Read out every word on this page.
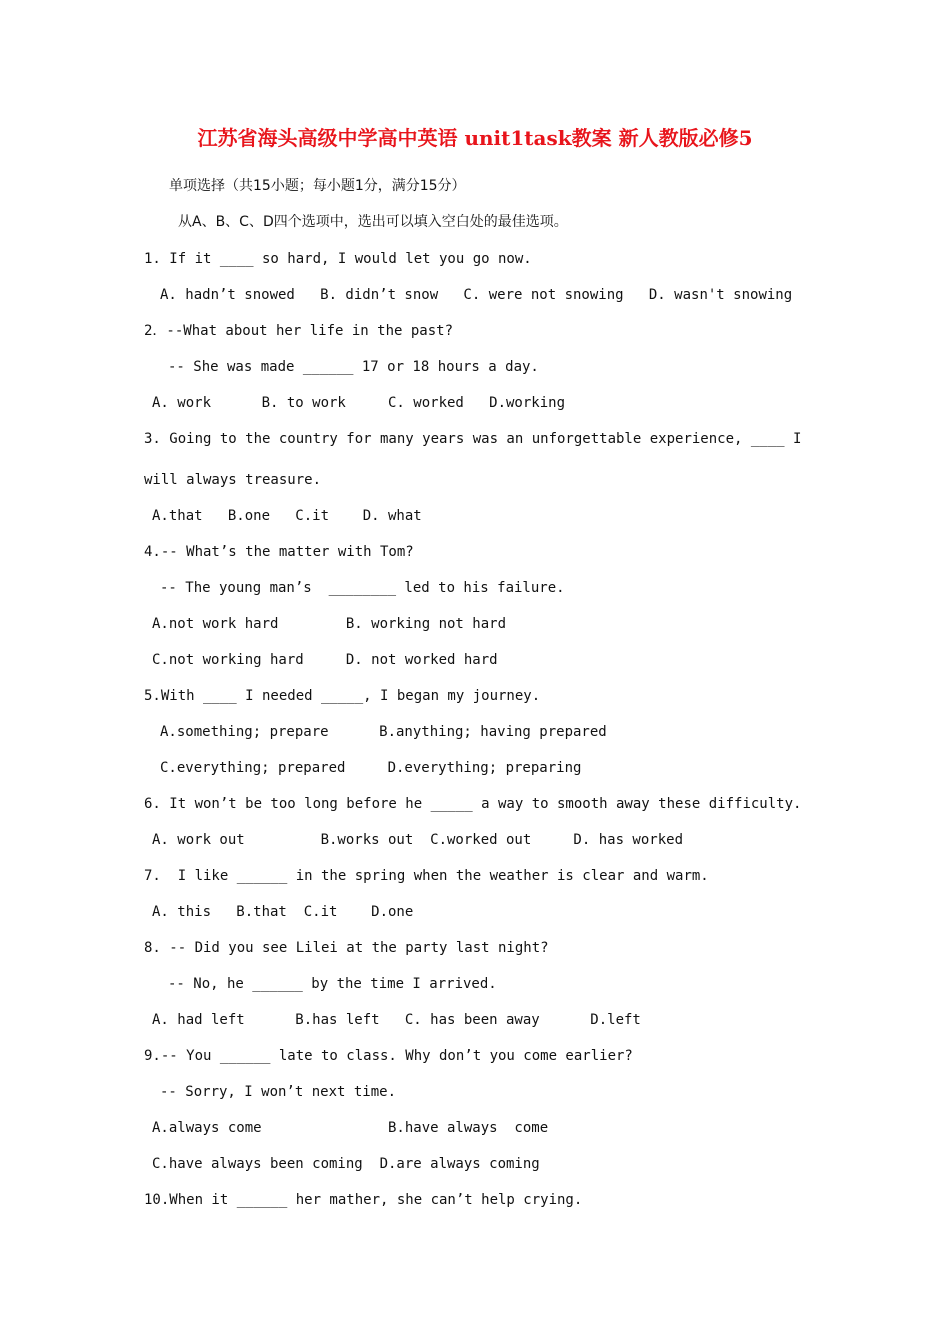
江苏省海头高级中学高中英语 unit1task教案 新人教版必修5
单项选择（共15小题；每小题1分，满分15分）
从A、B、C、D四个选项中，选出可以填入空白处的最佳选项。
1. If it ____ so hard, I would let you go now.
A. hadn’t snowed   B. didn’t snow   C. were not snowing   D. wasn't snowing
2．--What about her life in the past?
-- She was made ______ 17 or 18 hours a day.
A. work      B. to work     C. worked   D.working
3. Going to the country for many years was an unforgettable experience, ____ I
will always treasure.
A.that   B.one   C.it    D. what
4.-- What’s the matter with Tom?
-- The young man’s  ________ led to his failure.
A.not work hard        B. working not hard
C.not working hard     D. not worked hard
5.With ____ I needed _____, I began my journey.
A.something; prepare      B.anything; having prepared
C.everything; prepared     D.everything; preparing
6. It won’t be too long before he _____ a way to smooth away these difficulty.
A. work out         B.works out  C.worked out     D. has worked
7.  I like ______ in the spring when the weather is clear and warm.
A. this   B.that  C.it    D.one
8. -- Did you see Lilei at the party last night?
-- No, he ______ by the time I arrived.
A. had left      B.has left   C. has been away      D.left
9.-- You ______ late to class. Why don’t you come earlier?
-- Sorry, I won’t next time.
A.always come               B.have always  come
C.have always been coming  D.are always coming
10.When it ______ her mather, she can’t help crying.
